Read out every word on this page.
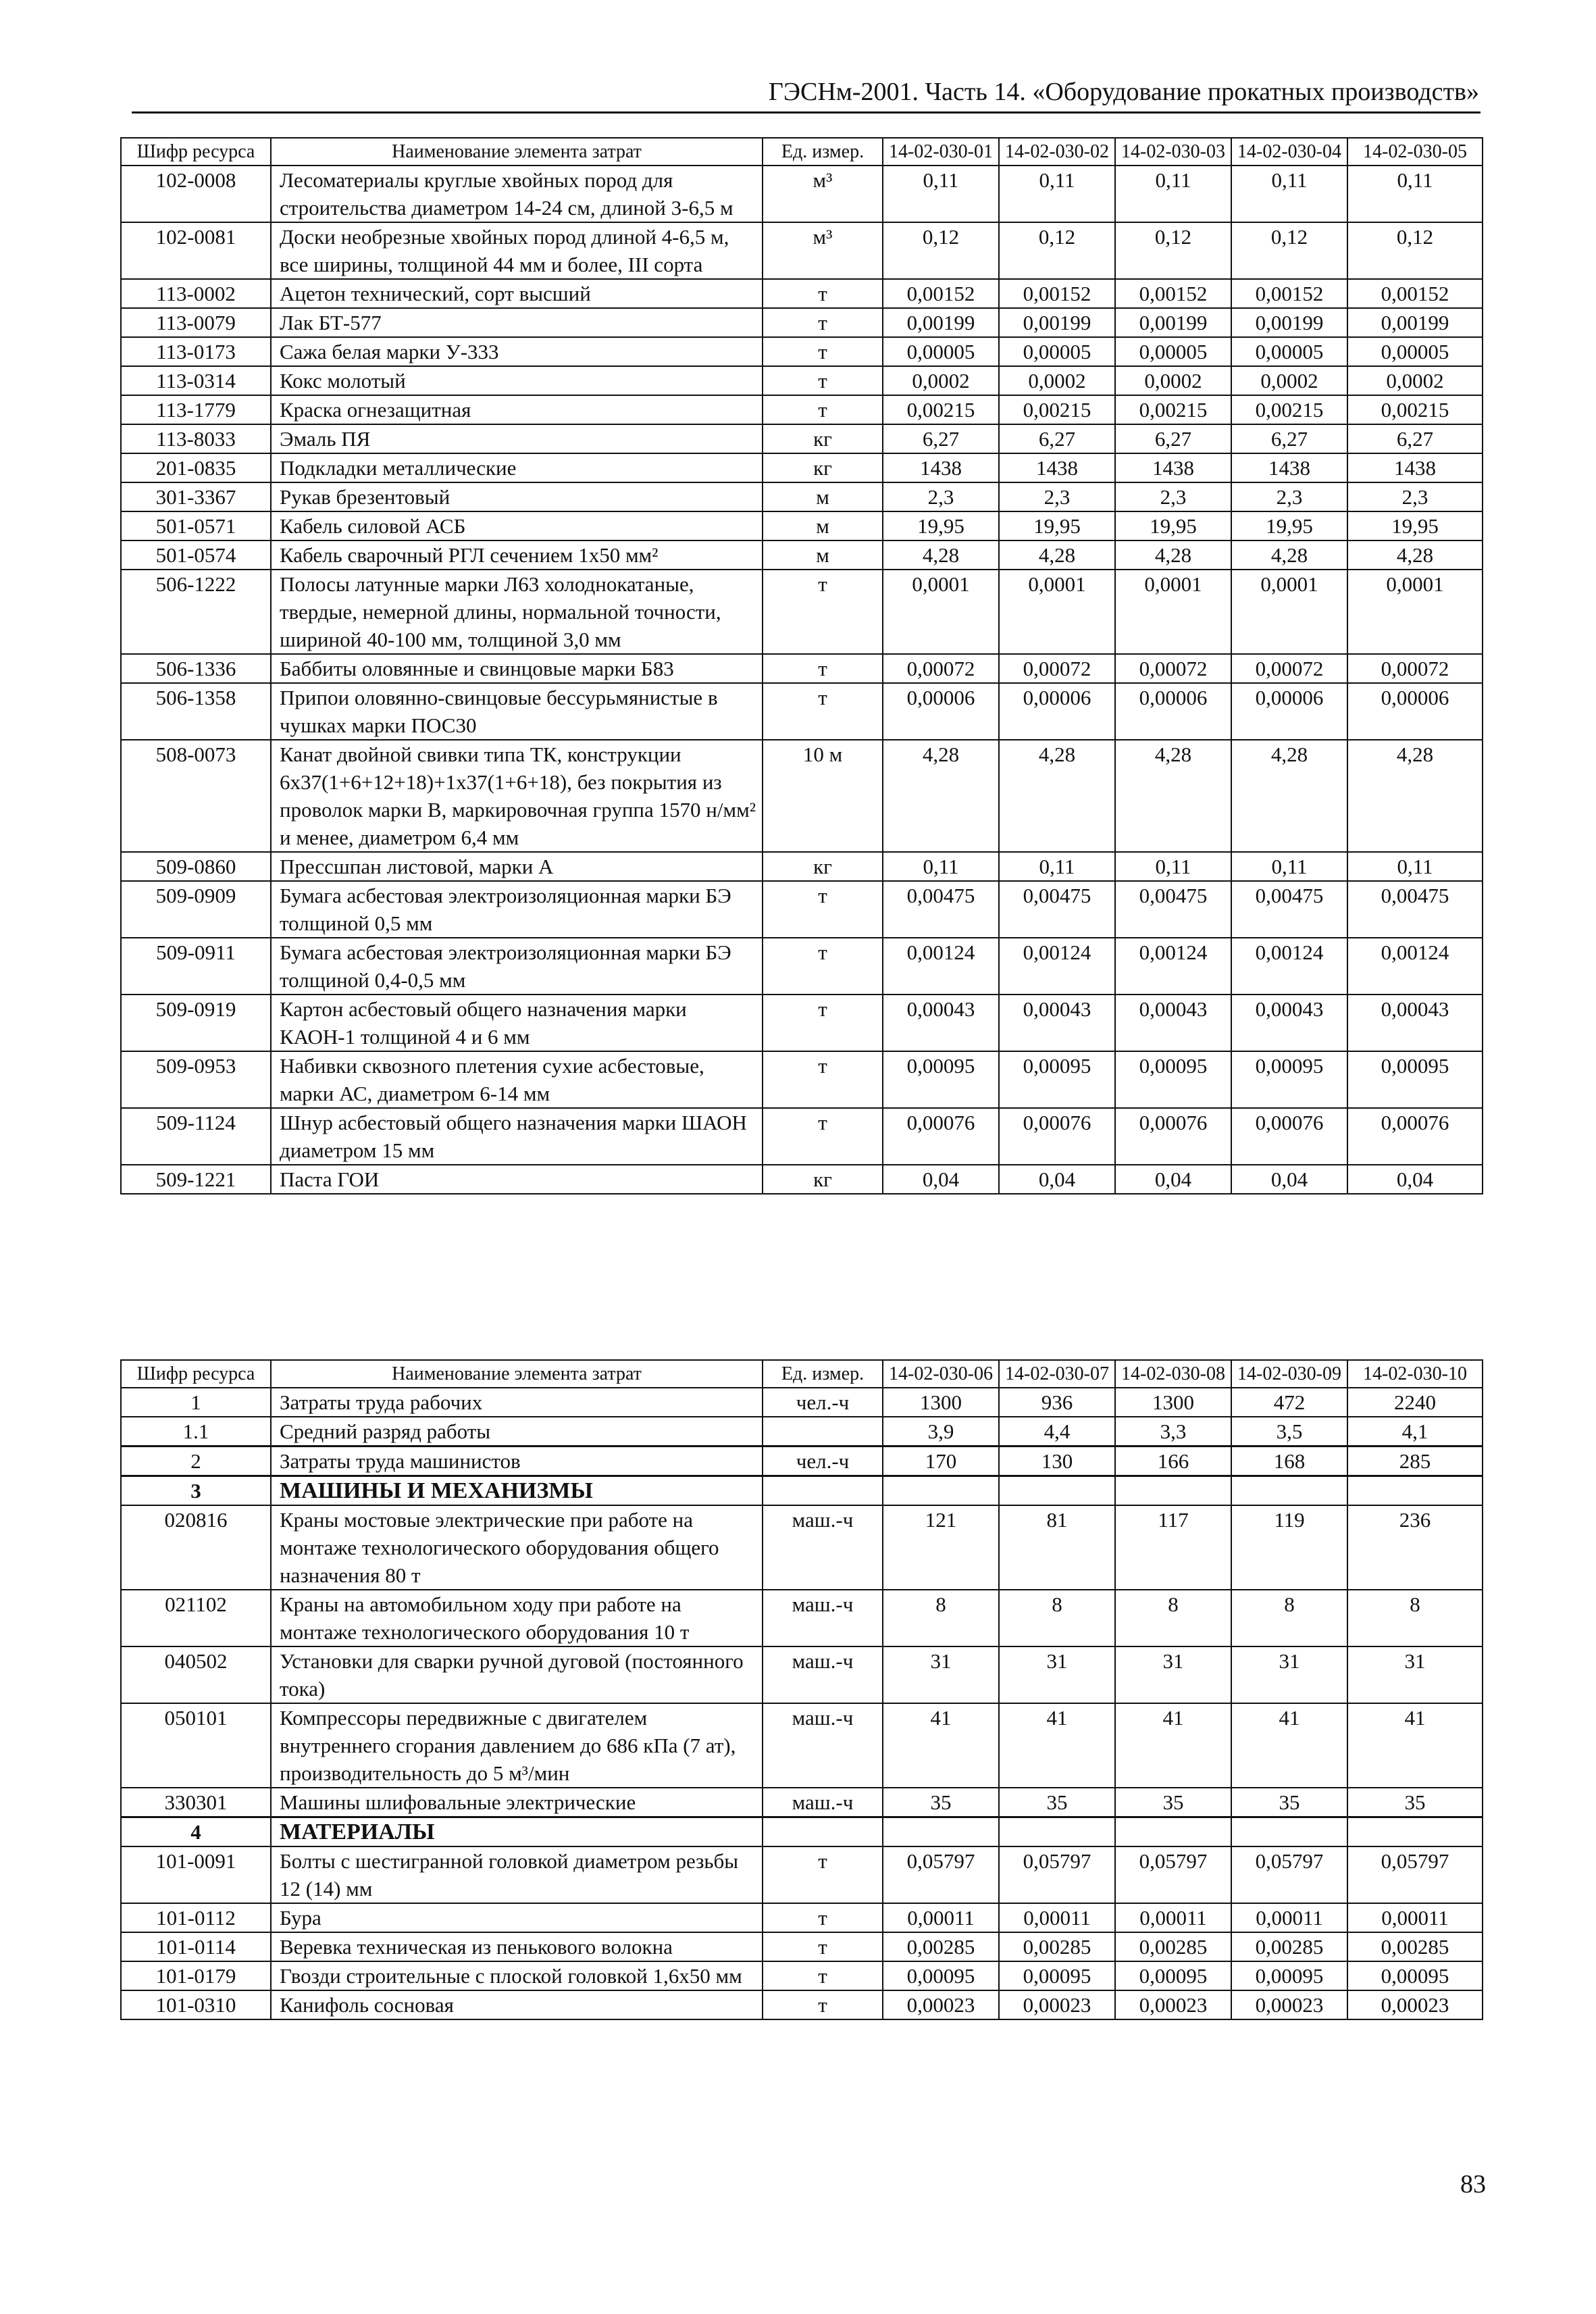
ГЭСНм-2001. Часть 14. «Оборудование прокатных производств»
Шифр ресурса	Наименование элемента затрат	Ед. измер.	14-02-030-01	14-02-030-02	14-02-030-03	14-02-030-04	14-02-030-05
102-0008	Лесоматериалы круглые хвойных пород для строительства диаметром 14-24 см, длиной 3-6,5 м	м³	0,11	0,11	0,11	0,11	0,11
102-0081	Доски необрезные хвойных пород длиной 4-6,5 м, все ширины, толщиной 44 мм и более, III сорта	м³	0,12	0,12	0,12	0,12	0,12
113-0002	Ацетон технический, сорт высший	т	0,00152	0,00152	0,00152	0,00152	0,00152
113-0079	Лак БТ-577	т	0,00199	0,00199	0,00199	0,00199	0,00199
113-0173	Сажа белая марки У-333	т	0,00005	0,00005	0,00005	0,00005	0,00005
113-0314	Кокс молотый	т	0,0002	0,0002	0,0002	0,0002	0,0002
113-1779	Краска огнезащитная	т	0,00215	0,00215	0,00215	0,00215	0,00215
113-8033	Эмаль ПЯ	кг	6,27	6,27	6,27	6,27	6,27
201-0835	Подкладки металлические	кг	1438	1438	1438	1438	1438
301-3367	Рукав брезентовый	м	2,3	2,3	2,3	2,3	2,3
501-0571	Кабель силовой АСБ	м	19,95	19,95	19,95	19,95	19,95
501-0574	Кабель сварочный РГЛ сечением 1x50 мм²	м	4,28	4,28	4,28	4,28	4,28
506-1222	Полосы латунные марки Л63 холоднокатаные, твердые, немерной длины, нормальной точности, шириной 40-100 мм, толщиной 3,0 мм	т	0,0001	0,0001	0,0001	0,0001	0,0001
506-1336	Баббиты оловянные и свинцовые марки Б83	т	0,00072	0,00072	0,00072	0,00072	0,00072
506-1358	Припои оловянно-свинцовые бессурьмянистые в чушках марки ПОС30	т	0,00006	0,00006	0,00006	0,00006	0,00006
508-0073	Канат двойной свивки типа ТК, конструкции 6x37(1+6+12+18)+1x37(1+6+18), без покрытия из проволок марки В, маркировочная группа 1570 н/мм² и менее, диаметром 6,4 мм	10 м	4,28	4,28	4,28	4,28	4,28
509-0860	Прессшпан листовой, марки А	кг	0,11	0,11	0,11	0,11	0,11
509-0909	Бумага асбестовая электроизоляционная марки БЭ толщиной 0,5 мм	т	0,00475	0,00475	0,00475	0,00475	0,00475
509-0911	Бумага асбестовая электроизоляционная марки БЭ толщиной 0,4-0,5 мм	т	0,00124	0,00124	0,00124	0,00124	0,00124
509-0919	Картон асбестовый общего назначения марки КАОН-1 толщиной 4 и 6 мм	т	0,00043	0,00043	0,00043	0,00043	0,00043
509-0953	Набивки сквозного плетения сухие асбестовые, марки АС, диаметром 6-14 мм	т	0,00095	0,00095	0,00095	0,00095	0,00095
509-1124	Шнур асбестовый общего назначения марки ШАОН диаметром 15 мм	т	0,00076	0,00076	0,00076	0,00076	0,00076
509-1221	Паста ГОИ	кг	0,04	0,04	0,04	0,04	0,04
Шифр ресурса	Наименование элемента затрат	Ед. измер.	14-02-030-06	14-02-030-07	14-02-030-08	14-02-030-09	14-02-030-10
1	Затраты труда рабочих	чел.-ч	1300	936	1300	472	2240
1.1	Средний разряд работы		3,9	4,4	3,3	3,5	4,1
2	Затраты труда машинистов	чел.-ч	170	130	166	168	285
3	МАШИНЫ И МЕХАНИЗМЫ						
020816	Краны мостовые электрические при работе на монтаже технологического оборудования общего назначения 80 т	маш.-ч	121	81	117	119	236
021102	Краны на автомобильном ходу при работе на монтаже технологического оборудования 10 т	маш.-ч	8	8	8	8	8
040502	Установки для сварки ручной дуговой (постоянного тока)	маш.-ч	31	31	31	31	31
050101	Компрессоры передвижные с двигателем внутреннего сгорания давлением до 686 кПа (7 ат), производительность до 5 м³/мин	маш.-ч	41	41	41	41	41
330301	Машины шлифовальные электрические	маш.-ч	35	35	35	35	35
4	МАТЕРИАЛЫ						
101-0091	Болты с шестигранной головкой диаметром резьбы 12 (14) мм	т	0,05797	0,05797	0,05797	0,05797	0,05797
101-0112	Бура	т	0,00011	0,00011	0,00011	0,00011	0,00011
101-0114	Веревка техническая из пенькового волокна	т	0,00285	0,00285	0,00285	0,00285	0,00285
101-0179	Гвозди строительные с плоской головкой 1,6x50 мм	т	0,00095	0,00095	0,00095	0,00095	0,00095
101-0310	Канифоль сосновая	т	0,00023	0,00023	0,00023	0,00023	0,00023
83
